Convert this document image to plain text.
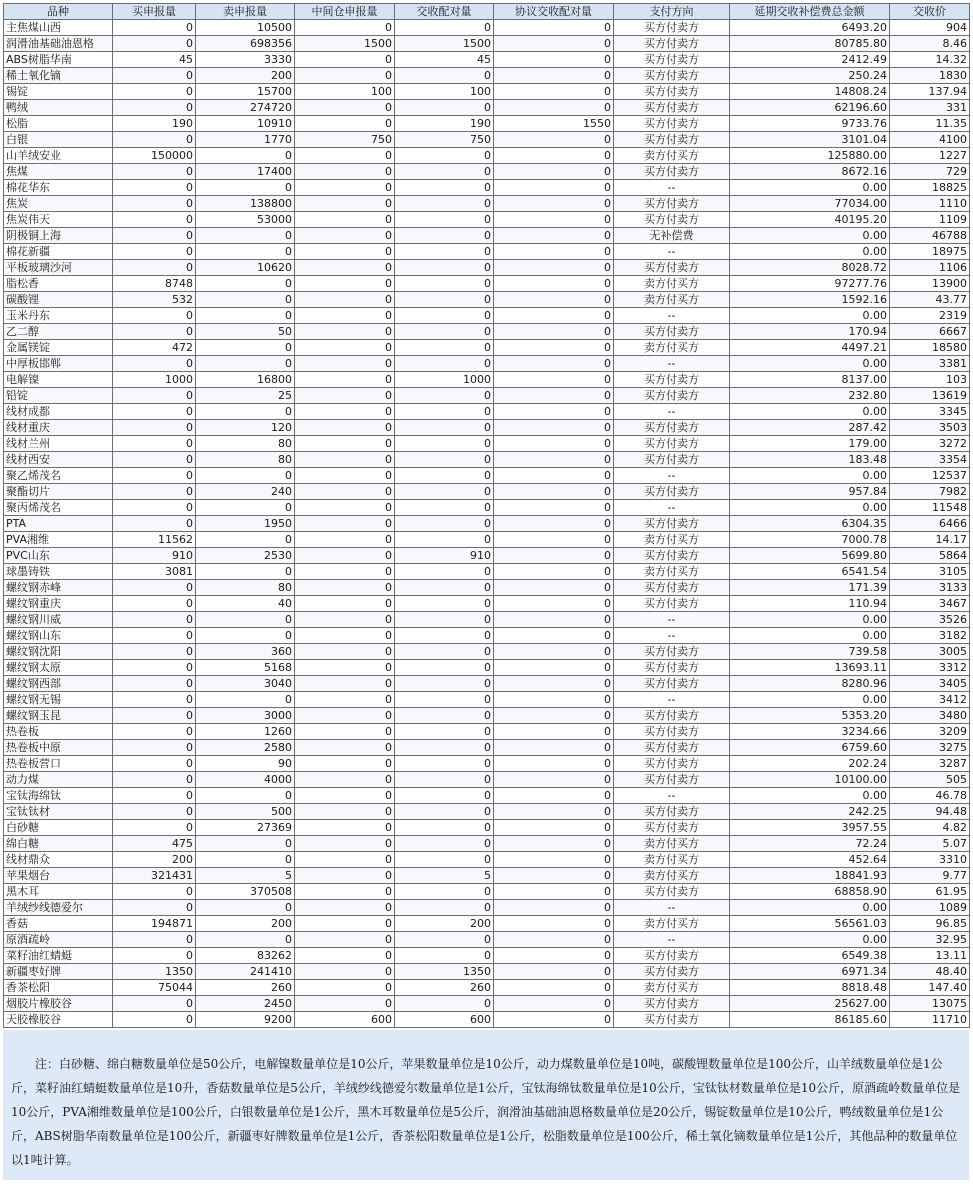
品种	买申报量	卖申报量	中间仓申报量	交收配对量	协议交收配对量	支付方向	延期交收补偿费总金额	交收价
主焦煤山西	0	10500	0	0	0	买方付卖方	6493.20	904
润滑油基础油恩格	0	698356	1500	1500	0	买方付卖方	80785.80	8.46
ABS树脂华南	45	3330	0	45	0	买方付卖方	2412.49	14.32
稀土氧化镝	0	200	0	0	0	买方付卖方	250.24	1830
锡锭	0	15700	100	100	0	买方付卖方	14808.24	137.94
鸭绒	0	274720	0	0	0	买方付卖方	62196.60	331
松脂	190	10910	0	190	1550	买方付卖方	9733.76	11.35
白银	0	1770	750	750	0	买方付卖方	3101.04	4100
山羊绒安业	150000	0	0	0	0	卖方付买方	125880.00	1227
焦煤	0	17400	0	0	0	买方付卖方	8672.16	729
棉花华东	0	0	0	0	0	--	0.00	18825
焦炭	0	138800	0	0	0	买方付卖方	77034.00	1110
焦炭伟天	0	53000	0	0	0	买方付卖方	40195.20	1109
阴极铜上海	0	0	0	0	0	无补偿费	0.00	46788
棉花新疆	0	0	0	0	0	--	0.00	18975
平板玻璃沙河	0	10620	0	0	0	买方付卖方	8028.72	1106
脂松香	8748	0	0	0	0	卖方付买方	97277.76	13900
碳酸锂	532	0	0	0	0	卖方付买方	1592.16	43.77
玉米丹东	0	0	0	0	0	--	0.00	2319
乙二醇	0	50	0	0	0	买方付卖方	170.94	6667
金属镁锭	472	0	0	0	0	卖方付买方	4497.21	18580
中厚板邯郸	0	0	0	0	0	--	0.00	3381
电解镍	1000	16800	0	1000	0	买方付卖方	8137.00	103
铅锭	0	25	0	0	0	买方付卖方	232.80	13619
线材成都	0	0	0	0	0	--	0.00	3345
线材重庆	0	120	0	0	0	买方付卖方	287.42	3503
线材兰州	0	80	0	0	0	买方付卖方	179.00	3272
线材西安	0	80	0	0	0	买方付卖方	183.48	3354
聚乙烯茂名	0	0	0	0	0	--	0.00	12537
聚酯切片	0	240	0	0	0	买方付卖方	957.84	7982
聚丙烯茂名	0	0	0	0	0	--	0.00	11548
PTA	0	1950	0	0	0	买方付卖方	6304.35	6466
PVA湘维	11562	0	0	0	0	卖方付买方	7000.78	14.17
PVC山东	910	2530	0	910	0	买方付卖方	5699.80	5864
球墨铸铁	3081	0	0	0	0	卖方付买方	6541.54	3105
螺纹钢赤峰	0	80	0	0	0	买方付卖方	171.39	3133
螺纹钢重庆	0	40	0	0	0	买方付卖方	110.94	3467
螺纹钢川威	0	0	0	0	0	--	0.00	3526
螺纹钢山东	0	0	0	0	0	--	0.00	3182
螺纹钢沈阳	0	360	0	0	0	买方付卖方	739.58	3005
螺纹钢太原	0	5168	0	0	0	买方付卖方	13693.11	3312
螺纹钢西部	0	3040	0	0	0	买方付卖方	8280.96	3405
螺纹钢无锡	0	0	0	0	0	--	0.00	3412
螺纹钢玉昆	0	3000	0	0	0	买方付卖方	5353.20	3480
热卷板	0	1260	0	0	0	买方付卖方	3234.66	3209
热卷板中原	0	2580	0	0	0	买方付卖方	6759.60	3275
热卷板营口	0	90	0	0	0	买方付卖方	202.24	3287
动力煤	0	4000	0	0	0	买方付卖方	10100.00	505
宝钛海绵钛	0	0	0	0	0	--	0.00	46.78
宝钛钛材	0	500	0	0	0	买方付卖方	242.25	94.48
白砂糖	0	27369	0	0	0	买方付卖方	3957.55	4.82
绵白糖	475	0	0	0	0	卖方付买方	72.24	5.07
线材鼎众	200	0	0	0	0	卖方付买方	452.64	3310
苹果烟台	321431	5	0	5	0	卖方付买方	18841.93	9.77
黑木耳	0	370508	0	0	0	买方付卖方	68858.90	61.95
羊绒纱线德爱尔	0	0	0	0	0	--	0.00	1089
香菇	194871	200	0	200	0	卖方付买方	56561.03	96.85
原酒疏岭	0	0	0	0	0	--	0.00	32.95
菜籽油红蜻蜓	0	83262	0	0	0	买方付卖方	6549.38	13.11
新疆枣好牌	1350	241410	0	1350	0	买方付卖方	6971.34	48.40
香茶松阳	75044	260	0	260	0	卖方付买方	8818.48	147.40
烟胶片橡胶谷	0	2450	0	0	0	买方付卖方	25627.00	13075
天胶橡胶谷	0	9200	600	600	0	买方付卖方	86185.60	11710

注：白砂糖、绵白糖数量单位是50公斤，电解镍数量单位是10公斤，苹果数量单位是10公斤，动力煤数量单位是10吨，碳酸锂数量单位是100公斤，山羊绒数量单位是1公斤，菜籽油红蜻蜓数量单位是10升，香菇数量单位是5公斤，羊绒纱线德爱尔数量单位是1公斤，宝钛海绵钛数量单位是10公斤，宝钛钛材数量单位是10公斤，原酒疏岭数量单位是10公斤，PVA湘维数量单位是100公斤，白银数量单位是1公斤，黑木耳数量单位是5公斤，润滑油基础油恩格数量单位是20公斤，锡锭数量单位是10公斤，鸭绒数量单位是1公斤，ABS树脂华南数量单位是100公斤，新疆枣好牌数量单位是1公斤，香茶松阳数量单位是1公斤，松脂数量单位是100公斤，稀土氧化镝数量单位是1公斤，其他品种的数量单位以1吨计算。
